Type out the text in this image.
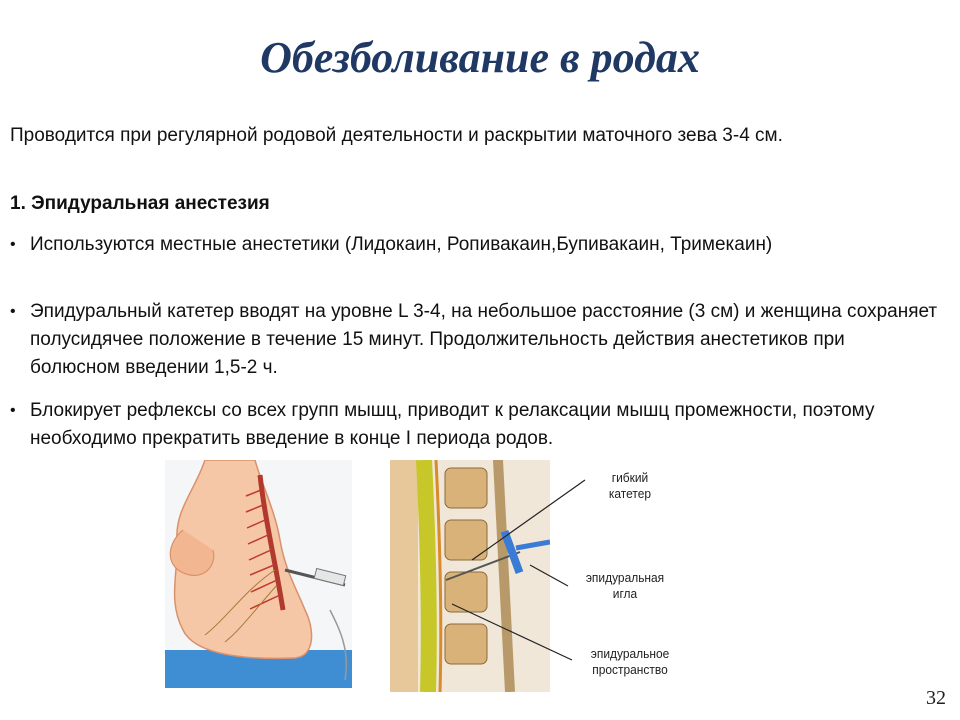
Обезболивание в родах

Проводится при регулярной родовой деятельности и раскрытии маточного зева 3-4 см.

1. Эпидуральная анестезия

• Используются местные анестетики (Лидокаин, Ропивакаин,Бупивакаин, Тримекаин)
• Эпидуральный катетер вводят на уровне L 3-4, на небольшое расстояние (3 см) и женщина сохраняет полусидячее положение в течение 15 минут. Продолжительность действия анестетиков при болюсном введении 1,5-2 ч.
• Блокирует рефлексы со всех групп мышц, приводит к релаксации мышц промежности, поэтому необходимо прекратить введение в конце I периода родов.
гибкий катетер
эпидуральная игла
эпидуральное пространство
32
